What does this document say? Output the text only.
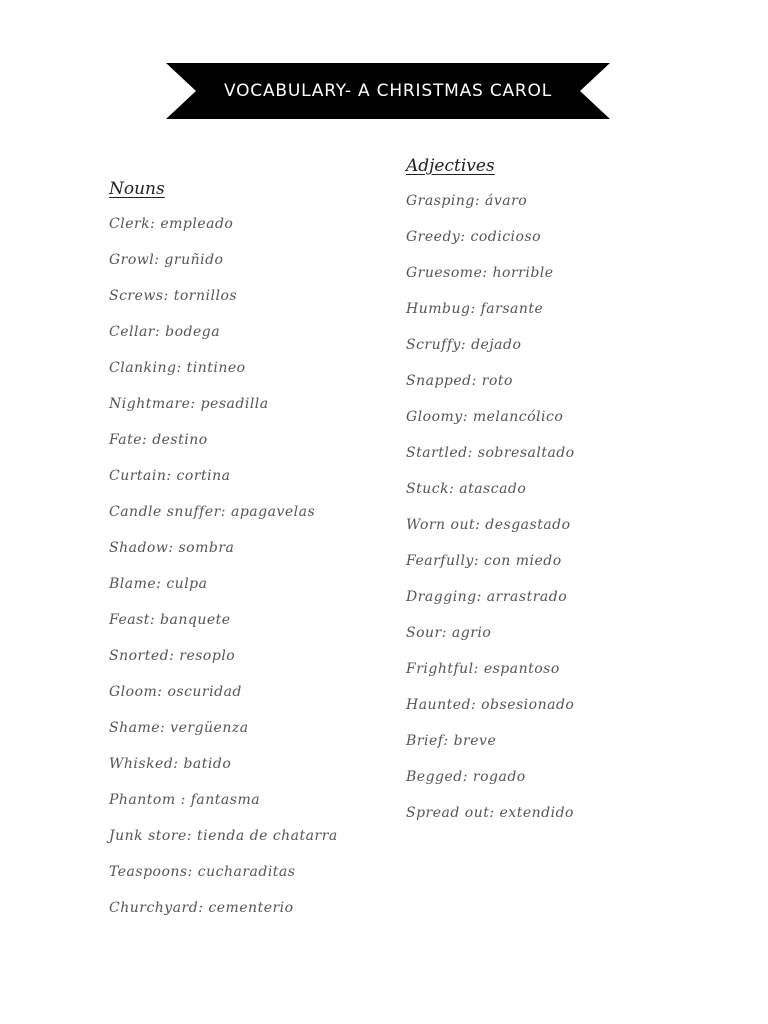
VOCABULARY- A CHRISTMAS CAROL
Nouns
Clerk: empleado
Growl: gruñido
Screws: tornillos
Cellar: bodega
Clanking: tintineo
Nightmare: pesadilla
Fate: destino
Curtain: cortina
Candle snuffer: apagavelas
Shadow: sombra
Blame: culpa
Feast: banquete
Snorted: resoplo
Gloom: oscuridad
Shame: vergüenza
Whisked: batido
Phantom : fantasma
Junk store: tienda de chatarra
Teaspoons: cucharaditas
Churchyard: cementerio
Adjectives
Grasping: ávaro
Greedy: codicioso
Gruesome: horrible
Humbug: farsante
Scruffy: dejado
Snapped: roto
Gloomy: melancólico
Startled: sobresaltado
Stuck: atascado
Worn out: desgastado
Fearfully: con miedo
Dragging: arrastrado
Sour: agrio
Frightful: espantoso
Haunted: obsesionado
Brief: breve
Begged: rogado
Spread out: extendido
